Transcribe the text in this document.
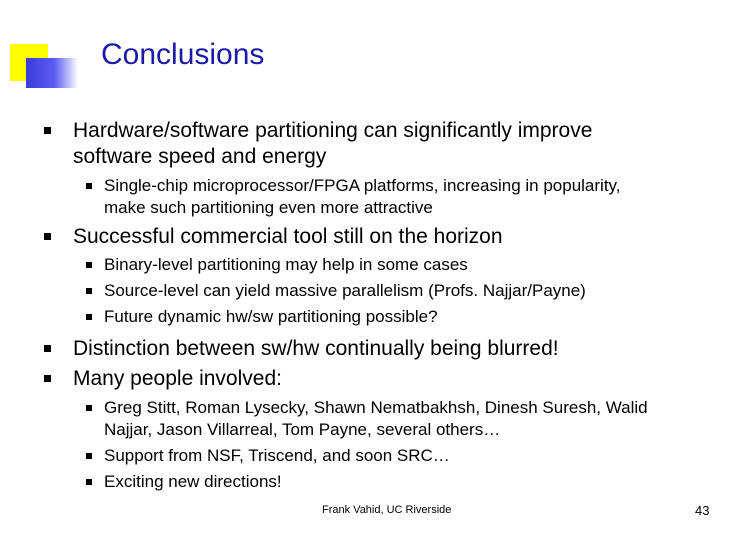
Conclusions
Hardware/software partitioning can significantly improve
software speed and energy
Single-chip microprocessor/FPGA platforms, increasing in popularity,
make such partitioning even more attractive
Successful commercial tool still on the horizon
Binary-level partitioning may help in some cases
Source-level can yield massive parallelism (Profs. Najjar/Payne)
Future dynamic hw/sw partitioning possible?
Distinction between sw/hw continually being blurred!
Many people involved:
Greg Stitt, Roman Lysecky, Shawn Nematbakhsh, Dinesh Suresh, Walid
Najjar, Jason Villarreal, Tom Payne, several others…
Support from NSF, Triscend, and soon SRC…
Exciting new directions!
Frank Vahid, UC Riverside	43
